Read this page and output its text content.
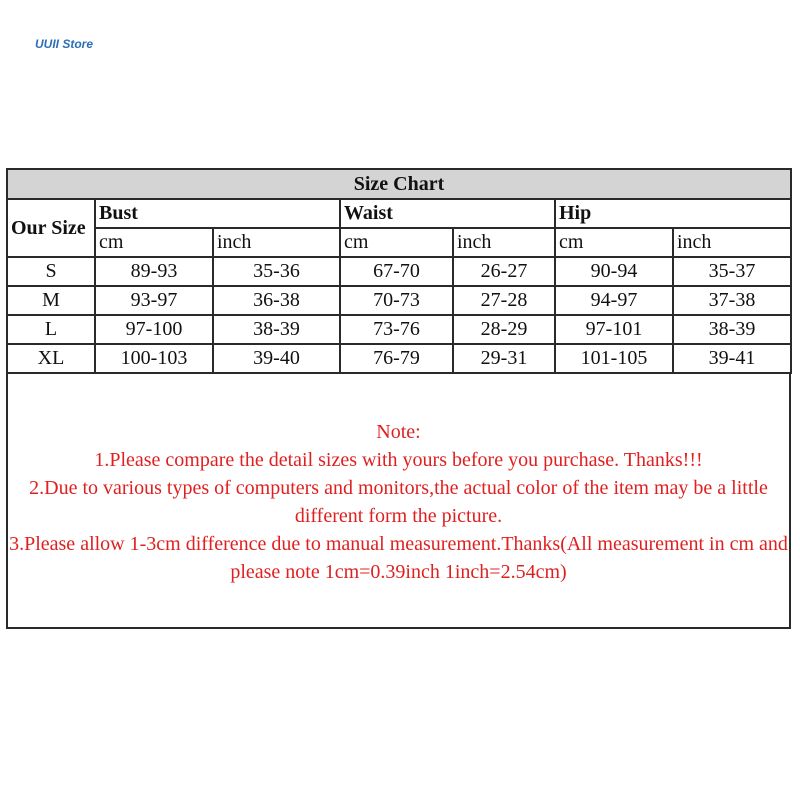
UUII Store
Size Chart						
Our Size	Bust		Waist		Hip	
	cm	inch	cm	inch	cm	inch
S	89-93	35-36	67-70	26-27	90-94	35-37
M	93-97	36-38	70-73	27-28	94-97	37-38
L	97-100	38-39	73-76	28-29	97-101	38-39
XL	100-103	39-40	76-79	29-31	101-105	39-41
Note:
1.Please compare the detail sizes with yours before you purchase. Thanks!!!
2.Due to various types of computers and monitors,the actual color of the item may be a little different form the picture.
3.Please allow 1-3cm difference due to manual measurement.Thanks(All measurement in cm and please note 1cm=0.39inch 1inch=2.54cm)
